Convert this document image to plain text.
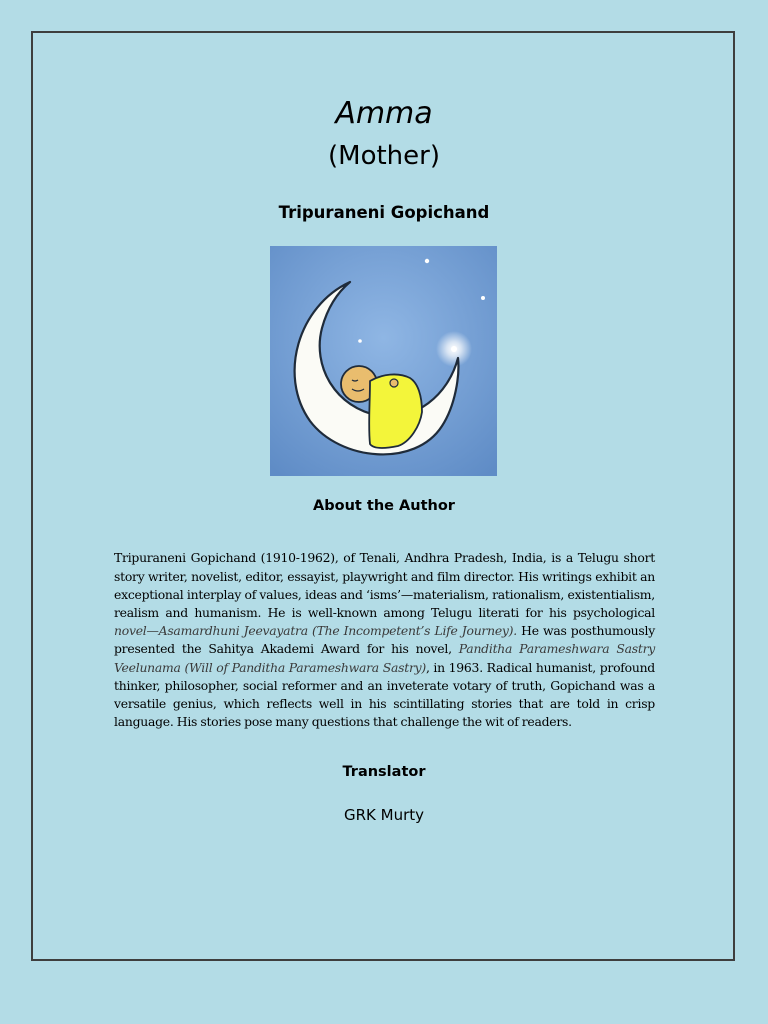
Amma
(Mother)
Tripuraneni Gopichand
About the Author

Tripuraneni Gopichand (1910-1962), of Tenali, Andhra Pradesh, India, is a Telugu short story writer, novelist, editor, essayist, playwright and film director. His writings exhibit an exceptional interplay of values, ideas and ‘isms’—materialism, rationalism, existentialism, realism and humanism. He is well-known among Telugu literati for his psychological novel—Asamardhuni Jeevayatra (The Incompetent’s Life Journey). He was posthumously presented the Sahitya Akademi Award for his novel, Panditha Parameshwara Sastry Veelunama (Will of Panditha Parameshwara Sastry), in 1963. Radical humanist, profound thinker, philosopher, social reformer and an inveterate votary of truth, Gopichand was a versatile genius, which reflects well in his scintillating stories that are told in crisp language. His stories pose many questions that challenge the wit of readers.

Translator
GRK Murty
